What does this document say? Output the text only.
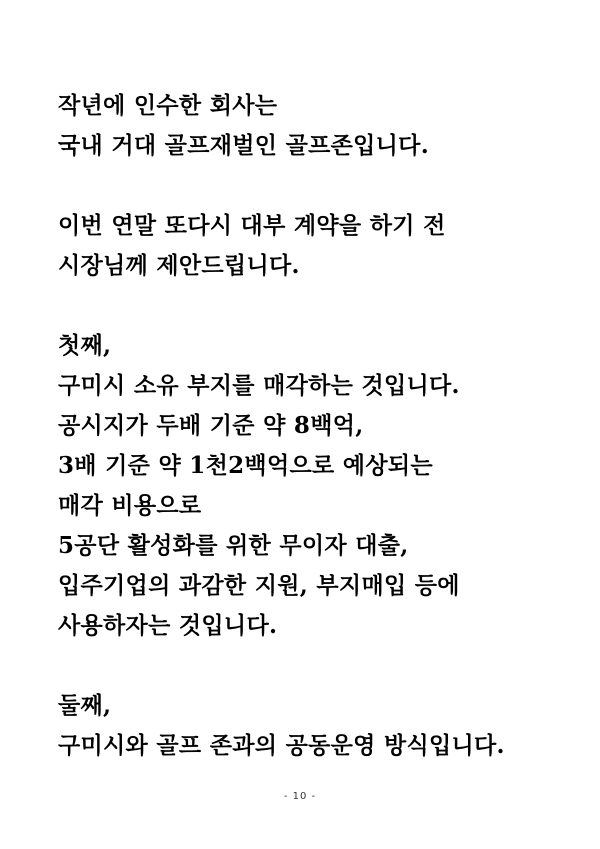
작년에 인수한 회사는
국내 거대 골프재벌인 골프존입니다.
이번 연말 또다시 대부 계약을 하기 전
시장님께 제안드립니다.
첫째,
구미시 소유 부지를 매각하는 것입니다.
공시지가 두배 기준 약 8백억,
3배 기준 약 1천2백억으로 예상되는
매각 비용으로
5공단 활성화를 위한 무이자 대출,
입주기업의 과감한 지원, 부지매입 등에
사용하자는 것입니다.
둘째,
구미시와 골프 존과의 공동운영 방식입니다.
- 10 -
